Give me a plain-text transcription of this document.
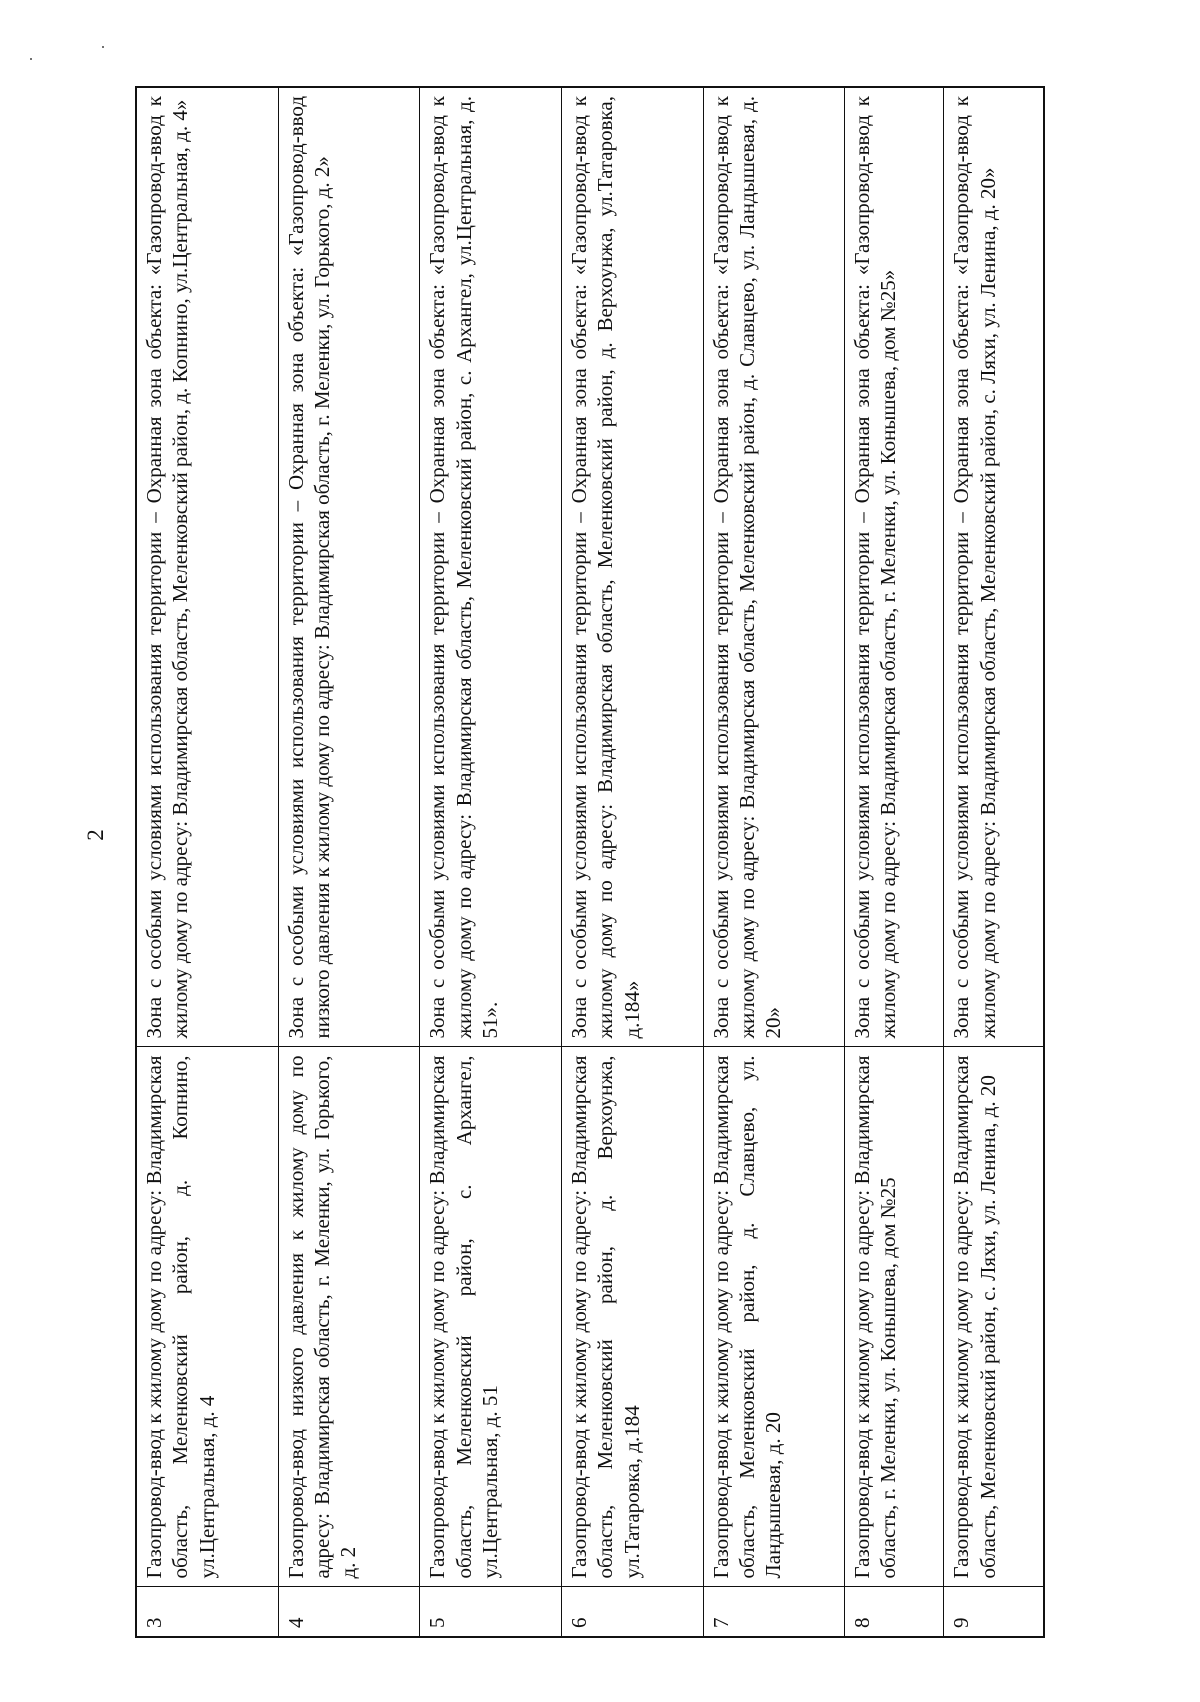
2
3	Газопровод-ввод к жилому дому по адресу: Владимирская область, Меленковский район, д. Копнино, ул.Центральная, д. 4	Зона с особыми условиями использования территории – Охранная зона объекта: «Газопровод-ввод к жилому дому по адресу: Владимирская область, Меленковский район, д. Копнино, ул.Центральная, д. 4»
4	Газопровод-ввод низкого давления к жилому дому по адресу: Владимирская область, г. Меленки, ул. Горького, д. 2	Зона с особыми условиями использования территории – Охранная зона объекта: «Газопровод-ввод низкого давления к жилому дому по адресу: Владимирская область, г. Меленки, ул. Горького, д. 2»
5	Газопровод-ввод к жилому дому по адресу: Владимирская область, Меленковский район, с. Архангел, ул.Центральная, д. 51	Зона с особыми условиями использования территории – Охранная зона объекта: «Газопровод-ввод к жилому дому по адресу: Владимирская область, Меленковский район, с. Архангел, ул.Центральная, д. 51».
6	Газопровод-ввод к жилому дому по адресу: Владимирская область, Меленковский район, д. Верхоунжа, ул.Татаровка, д.184	Зона с особыми условиями использования территории – Охранная зона объекта: «Газопровод-ввод к жилому дому по адресу: Владимирская область, Меленковский район, д. Верхоунжа, ул.Татаровка, д.184»
7	Газопровод-ввод к жилому дому по адресу: Владимирская область, Меленковский район, д. Славцево, ул. Ландышевая, д. 20	Зона с особыми условиями использования территории – Охранная зона объекта: «Газопровод-ввод к жилому дому по адресу: Владимирская область, Меленковский район, д. Славцево, ул. Ландышевая, д. 20»
8	Газопровод-ввод к жилому дому по адресу: Владимирская область, г. Меленки, ул. Конышева, дом №25	Зона с особыми условиями использования территории – Охранная зона объекта: «Газопровод-ввод к жилому дому по адресу: Владимирская область, г. Меленки, ул. Конышева, дом №25»
9	Газопровод-ввод к жилому дому по адресу: Владимирская область, Меленковский район, с. Ляхи, ул. Ленина, д. 20	Зона с особыми условиями использования территории – Охранная зона объекта: «Газопровод-ввод к жилому дому по адресу: Владимирская область, Меленковский район, с. Ляхи, ул. Ленина, д. 20»
